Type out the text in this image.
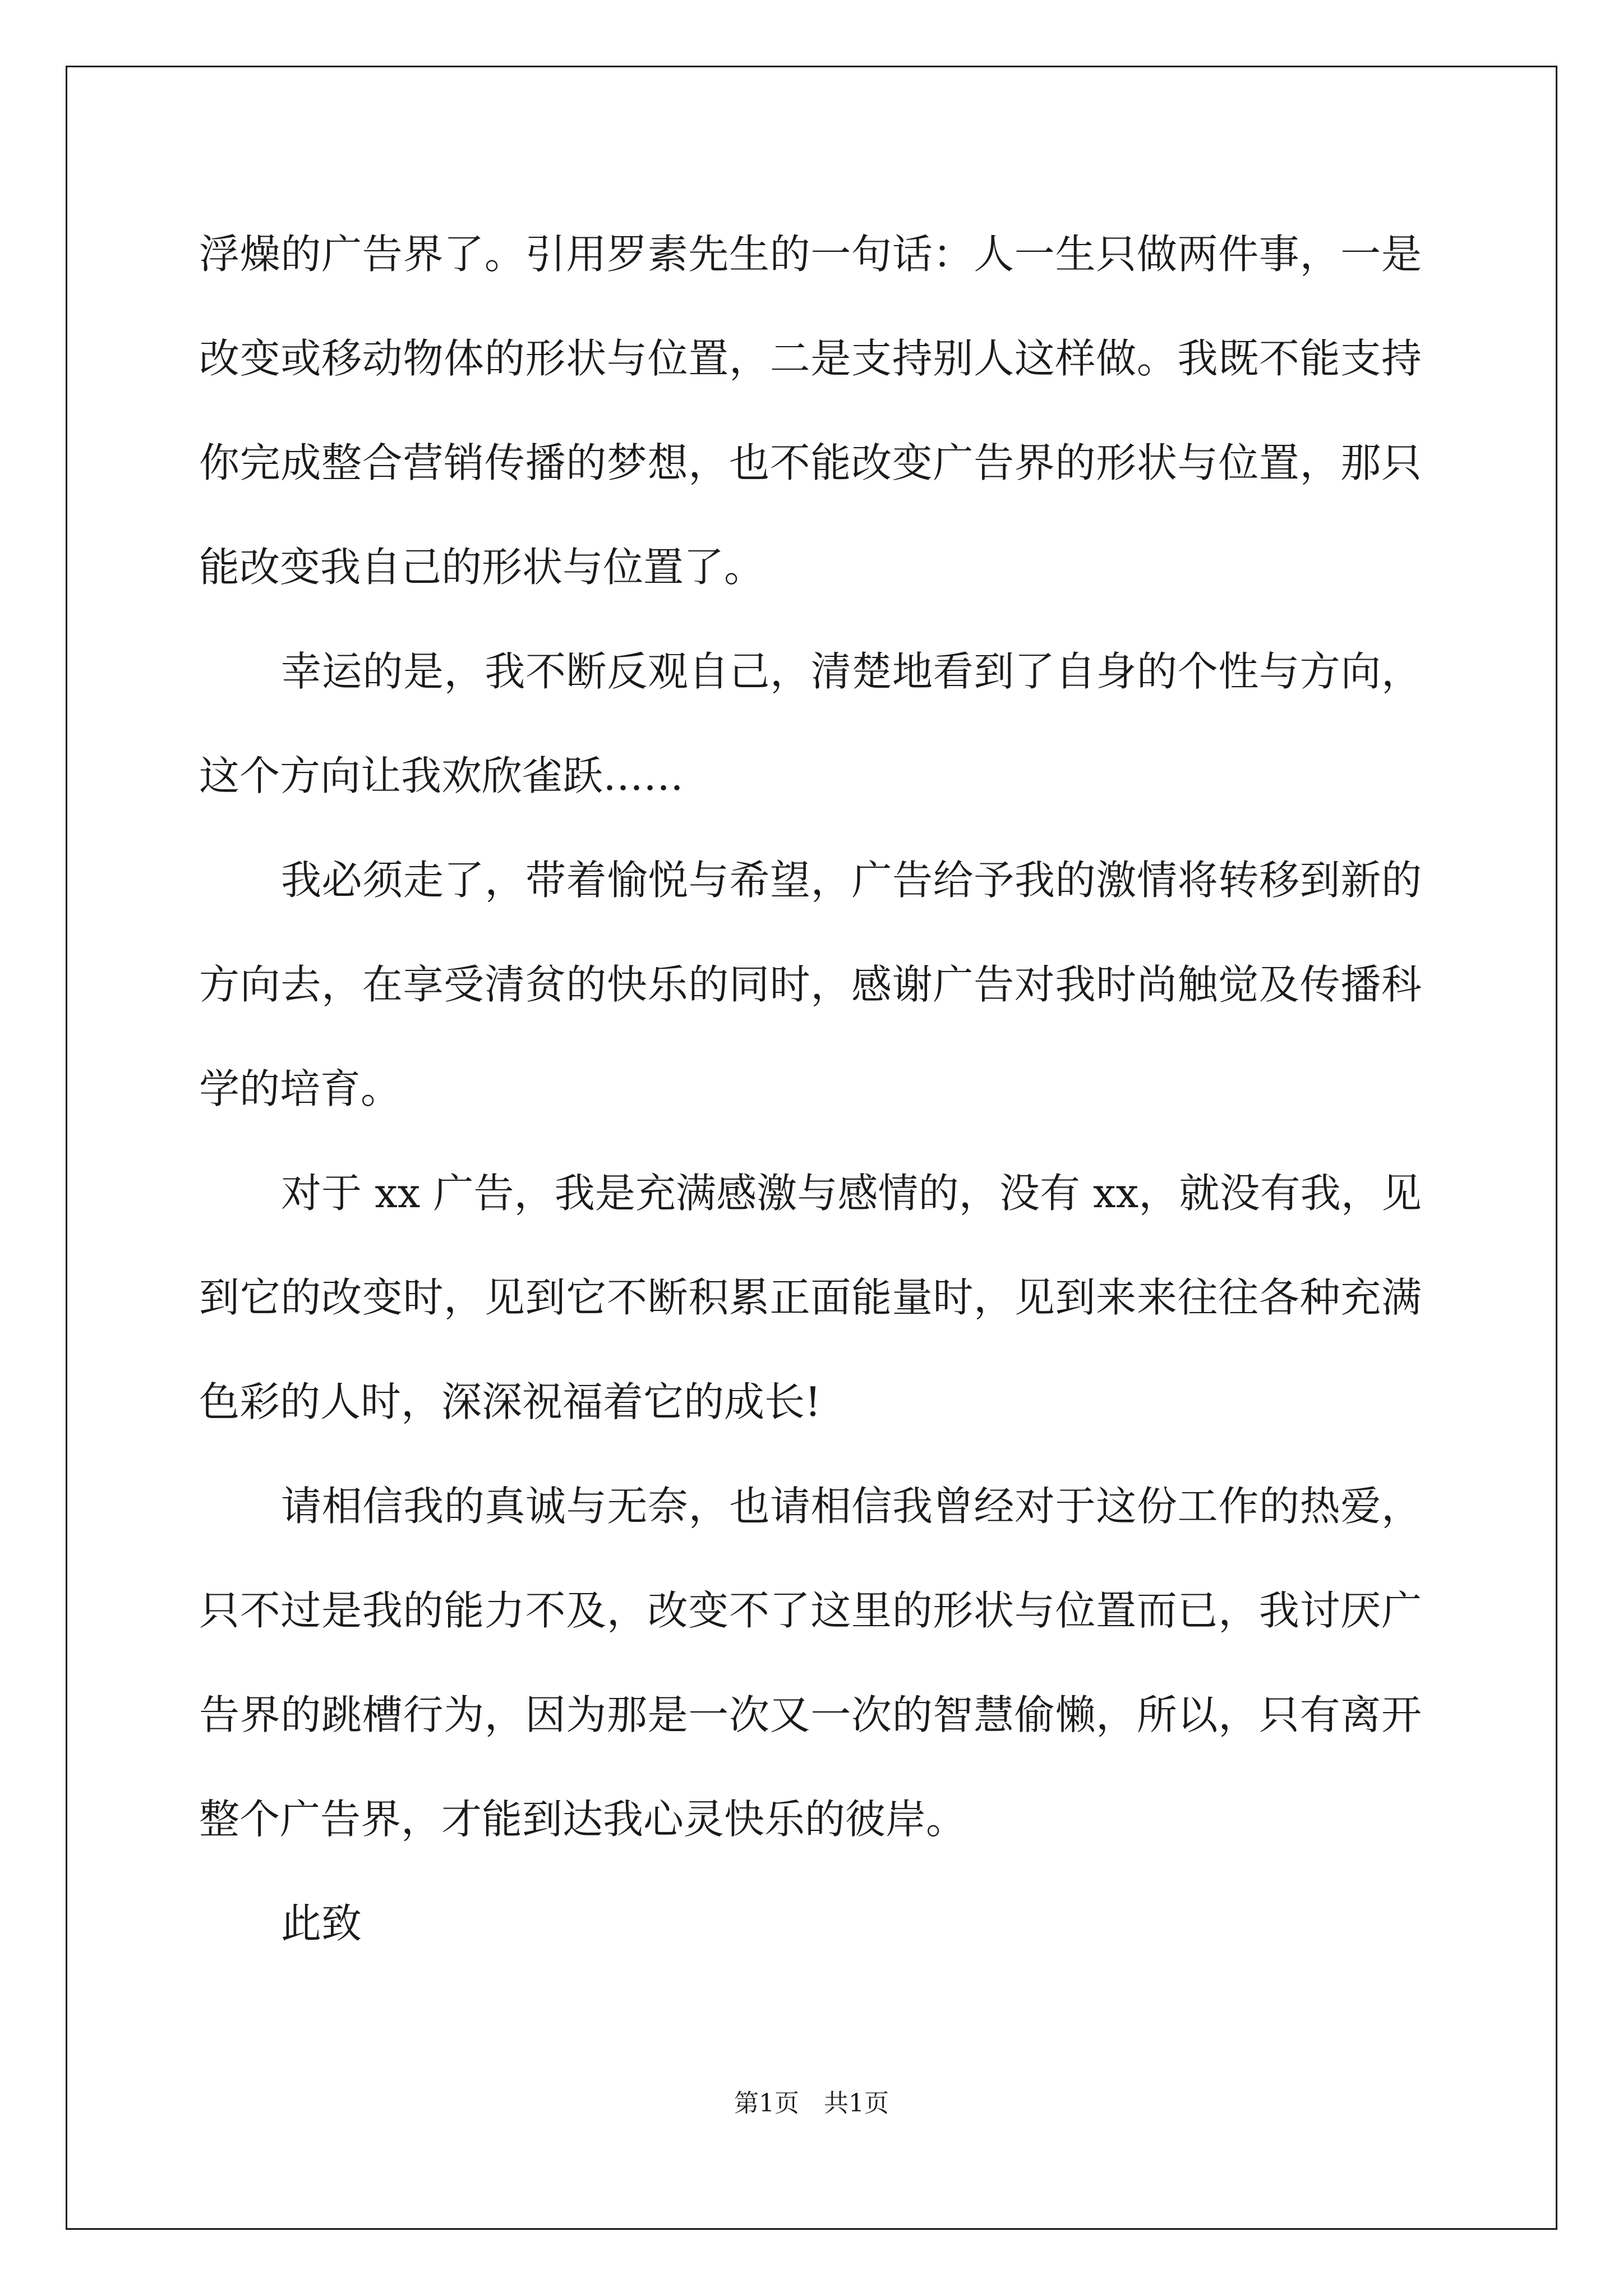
浮燥的广告界了。引用罗素先生的一句话：人一生只做两件事，一是改变或移动物体的形状与位置，二是支持别人这样做。我既不能支持你完成整合营销传播的梦想，也不能改变广告界的形状与位置，那只能改变我自己的形状与位置了。

幸运的是，我不断反观自己，清楚地看到了自身的个性与方向，这个方向让我欢欣雀跃……

我必须走了，带着愉悦与希望，广告给予我的激情将转移到新的方向去，在享受清贫的快乐的同时，感谢广告对我时尚触觉及传播科学的培育。

对于 xx 广告，我是充满感激与感情的，没有 xx，就没有我，见到它的改变时，见到它不断积累正面能量时，见到来来往往各种充满色彩的人时，深深祝福着它的成长!

请相信我的真诚与无奈，也请相信我曾经对于这份工作的热爱，只不过是我的能力不及，改变不了这里的形状与位置而已，我讨厌广告界的跳槽行为，因为那是一次又一次的智慧偷懒，所以，只有离开整个广告界，才能到达我心灵快乐的彼岸。

此致

第1页 共1页
